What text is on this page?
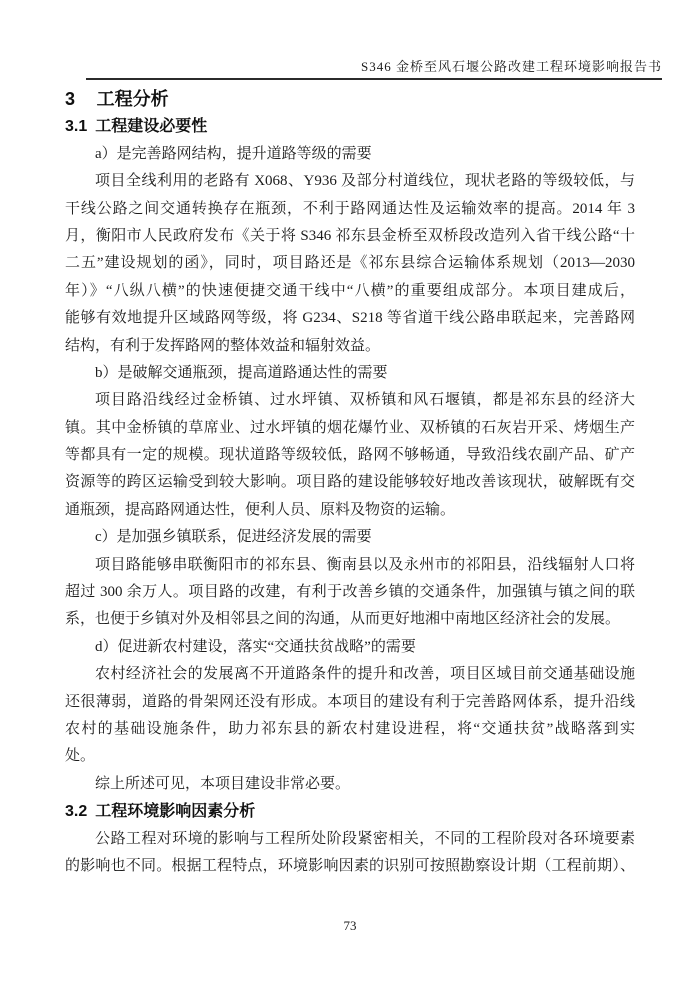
S346 金桥至风石堰公路改建工程环境影响报告书
3 工程分析
3.1 工程建设必要性
a）是完善路网结构，提升道路等级的需要
项目全线利用的老路有 X068、Y936 及部分村道线位，现状老路的等级较低，与
干线公路之间交通转换存在瓶颈，不利于路网通达性及运输效率的提高。2014 年 3
月，衡阳市人民政府发布《关于将 S346 祁东县金桥至双桥段改造列入省干线公路“十
二五”建设规划的函》，同时，项目路还是《祁东县综合运输体系规划（2013—2030
年）》“八纵八横”的快速便捷交通干线中“八横”的重要组成部分。本项目建成后，
能够有效地提升区域路网等级，将 G234、S218 等省道干线公路串联起来，完善路网
结构，有利于发挥路网的整体效益和辐射效益。
b）是破解交通瓶颈，提高道路通达性的需要
项目路沿线经过金桥镇、过水坪镇、双桥镇和风石堰镇，都是祁东县的经济大
镇。其中金桥镇的草席业、过水坪镇的烟花爆竹业、双桥镇的石灰岩开采、烤烟生产
等都具有一定的规模。现状道路等级较低，路网不够畅通，导致沿线农副产品、矿产
资源等的跨区运输受到较大影响。项目路的建设能够较好地改善该现状，破解既有交
通瓶颈，提高路网通达性，便利人员、原料及物资的运输。
c）是加强乡镇联系，促进经济发展的需要
项目路能够串联衡阳市的祁东县、衡南县以及永州市的祁阳县，沿线辐射人口将
超过 300 余万人。项目路的改建，有利于改善乡镇的交通条件，加强镇与镇之间的联
系，也便于乡镇对外及相邻县之间的沟通，从而更好地湘中南地区经济社会的发展。
d）促进新农村建设，落实“交通扶贫战略”的需要
农村经济社会的发展离不开道路条件的提升和改善，项目区域目前交通基础设施
还很薄弱，道路的骨架网还没有形成。本项目的建设有利于完善路网体系，提升沿线
农村的基础设施条件，助力祁东县的新农村建设进程，将“交通扶贫”战略落到实
处。
综上所述可见，本项目建设非常必要。
3.2 工程环境影响因素分析
公路工程对环境的影响与工程所处阶段紧密相关，不同的工程阶段对各环境要素
的影响也不同。根据工程特点，环境影响因素的识别可按照勘察设计期（工程前期）、
73
